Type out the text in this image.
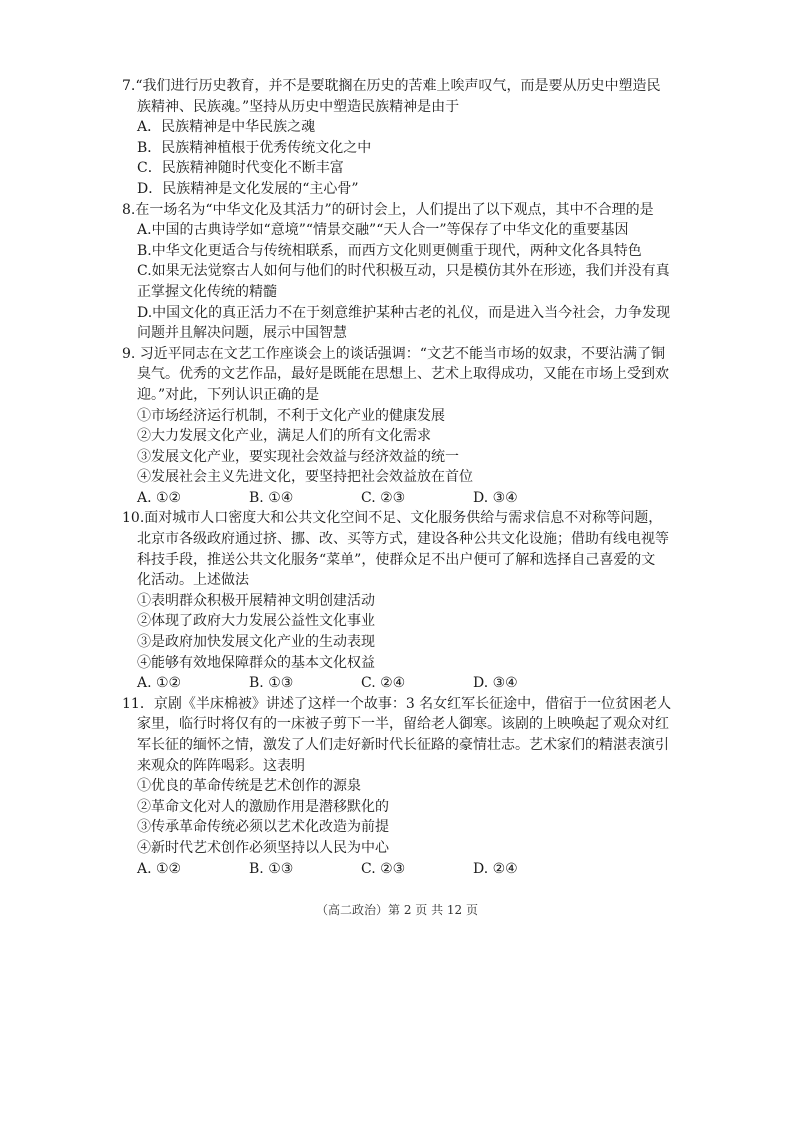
7.“我们进行历史教育，并不是要耽搁在历史的苦难上唉声叹气，而是要从历史中塑造民
族精神、民族魂。”坚持从历史中塑造民族精神是由于
A．民族精神是中华民族之魂
B．民族精神植根于优秀传统文化之中
C．民族精神随时代变化不断丰富
D．民族精神是文化发展的“主心骨”
8.在一场名为“中华文化及其活力”的研讨会上，人们提出了以下观点，其中不合理的是
A.中国的古典诗学如“意境”“情景交融”“天人合一”等保存了中华文化的重要基因
B.中华文化更适合与传统相联系，而西方文化则更侧重于现代，两种文化各具特色
C.如果无法觉察古人如何与他们的时代积极互动，只是模仿其外在形迹，我们并没有真
正掌握文化传统的精髓
D.中国文化的真正活力不在于刻意维护某种古老的礼仪，而是进入当今社会，力争发现
问题并且解决问题，展示中国智慧
9. 习近平同志在文艺工作座谈会上的谈话强调：“文艺不能当市场的奴隶，不要沾满了铜
臭气。优秀的文艺作品，最好是既能在思想上、艺术上取得成功，又能在市场上受到欢
迎。”对此，下列认识正确的是
①市场经济运行机制，不利于文化产业的健康发展
②大力发展文化产业，满足人们的所有文化需求
③发展文化产业，要实现社会效益与经济效益的统一
④发展社会主义先进文化，要坚持把社会效益放在首位
A. ①②	B. ①④	C. ②③	D. ③④
10.面对城市人口密度大和公共文化空间不足、文化服务供给与需求信息不对称等问题，
北京市各级政府通过挤、挪、改、买等方式，建设各种公共文化设施；借助有线电视等
科技手段，推送公共文化服务“菜单”，使群众足不出户便可了解和选择自己喜爱的文
化活动。上述做法
①表明群众积极开展精神文明创建活动
②体现了政府大力发展公益性文化事业
③是政府加快发展文化产业的生动表现
④能够有效地保障群众的基本文化权益
A. ①②	B. ①③	C. ②④	D. ③④
11．京剧《半床棉被》讲述了这样一个故事：3 名女红军长征途中，借宿于一位贫困老人
家里，临行时将仅有的一床被子剪下一半，留给老人御寒。该剧的上映唤起了观众对红
军长征的缅怀之情，激发了人们走好新时代长征路的豪情壮志。艺术家们的精湛表演引
来观众的阵阵喝彩。这表明
①优良的革命传统是艺术创作的源泉
②革命文化对人的激励作用是潜移默化的
③传承革命传统必须以艺术化改造为前提
④新时代艺术创作必须坚持以人民为中心
A. ①②	B. ①③	C. ②③	D. ②④
（高二政治）第 2 页 共 12 页
